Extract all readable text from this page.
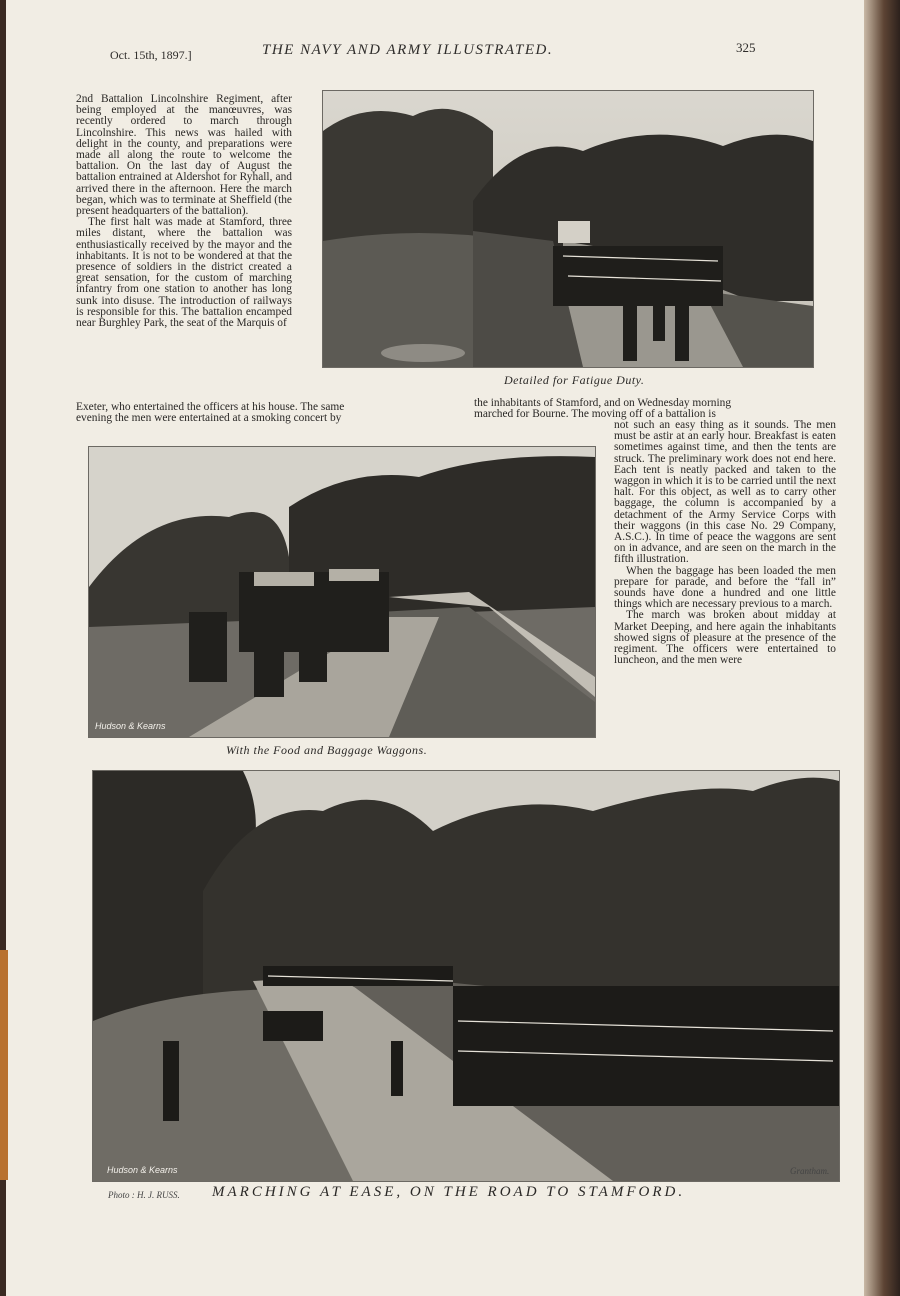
Oct. 15th, 1897.]	THE NAVY AND ARMY ILLUSTRATED.	325

2nd Battalion Lincolnshire Regiment, after being employed at the manœuvres, was recently ordered to march through Lincolnshire. This news was hailed with delight in the county, and preparations were made all along the route to welcome the battalion. On the last day of August the battalion entrained at Aldershot for Ryhall, and arrived there in the afternoon. Here the march began, which was to terminate at Sheffield (the present headquarters of the battalion).

The first halt was made at Stamford, three miles distant, where the battalion was enthusiastically received by the mayor and the inhabitants. It is not to be wondered at that the presence of soldiers in the district created a great sensation, for the custom of marching infantry from one station to another has long sunk into disuse. The introduction of railways is responsible for this. The battalion encamped near Burghley Park, the seat of the Marquis of

Exeter, who entertained the officers at his house. The same
evening the men were entertained at a smoking concert by
the inhabitants of Stamford, and on Wednesday morning
marched for Bourne. The moving off of a battalion is

not such an easy thing as it sounds. The men must be astir at an early hour. Breakfast is eaten sometimes against time, and then the tents are struck. The preliminary work does not end here. Each tent is neatly packed and taken to the waggon in which it is to be carried until the next halt. For this object, as well as to carry other baggage, the column is accompanied by a detachment of the Army Service Corps with their waggons (in this case No. 29 Company, A.S.C.). In time of peace the waggons are sent on in advance, and are seen on the march in the fifth illustration.

When the baggage has been loaded the men prepare for parade, and before the “fall in” sounds have done a hundred and one little things which are necessary previous to a march.

The march was broken about midday at Market Deeping, and here again the inhabitants showed signs of pleasure at the presence of the regiment. The officers were entertained to luncheon, and the men were

Detailed for Fatigue Duty.
Hudson & Kearns
With the Food and Baggage Waggons.
Hudson & Kearns
Photo : H. J. RUSS.
Grantham.
MARCHING AT EASE, ON THE ROAD TO STAMFORD.
